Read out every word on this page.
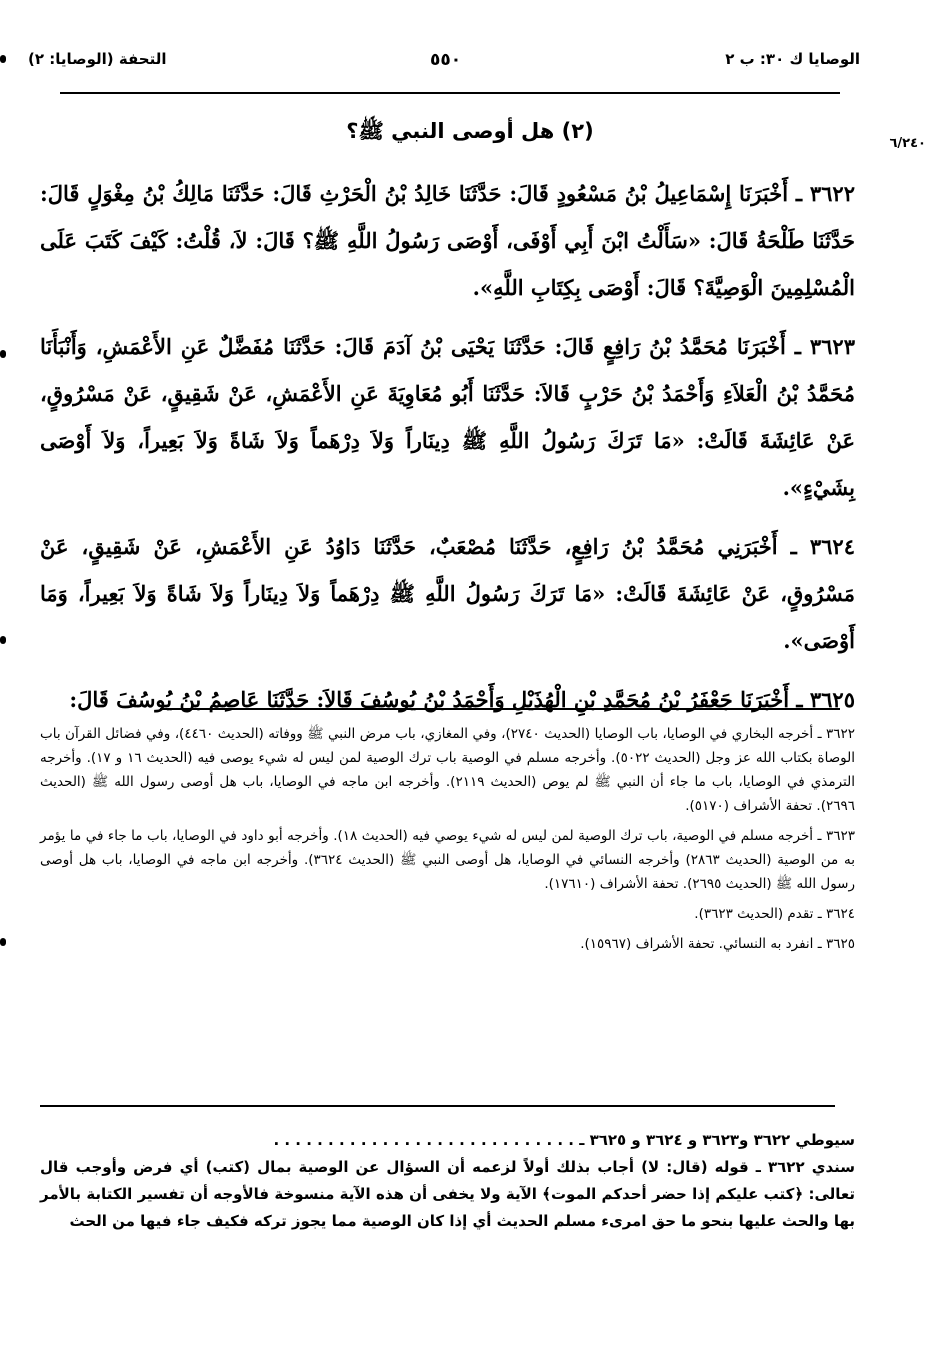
التحفة (الوصايا: ٢)	٥٥٠	الوصايا ك ٣٠: ب ٢
٦/٢٤٠
(٢) هل أوصى النبي ﷺ؟

٣٦٢٢ ـ أَخْبَرَنَا إِسْمَاعِيلُ بْنُ مَسْعُودٍ قَالَ: حَدَّثَنَا خَالِدُ بْنُ الْحَرْثِ قَالَ: حَدَّثَنَا مَالِكُ بْنُ مِغْوَلٍ قَالَ: حَدَّثَنَا طَلْحَةُ قَالَ: «سَأَلْتُ ابْنَ أَبِي أَوْفَى، أَوْصَى رَسُولُ اللَّهِ ﷺ؟ قَالَ: لاَ، قُلْتُ: كَيْفَ كَتَبَ عَلَى الْمُسْلِمِينَ الْوَصِيَّةَ؟ قَالَ: أَوْصَى بِكِتَابِ اللَّهِ».

٣٦٢٣ ـ أَخْبَرَنَا مُحَمَّدُ بْنُ رَافِعٍ قَالَ: حَدَّثَنَا يَحْيَى بْنُ آدَمَ قَالَ: حَدَّثَنَا مُفَضَّلٌ عَنِ الأَعْمَشِ، وَأَنْبَأَنَا مُحَمَّدُ بْنُ الْعَلاَءِ وَأَحْمَدُ بْنُ حَرْبٍ قَالاَ: حَدَّثَنَا أَبُو مُعَاوِيَةَ عَنِ الأَعْمَشِ، عَنْ شَقِيقٍ، عَنْ مَسْرُوقٍ، عَنْ عَائِشَةَ قَالَتْ: «مَا تَرَكَ رَسُولُ اللَّهِ ﷺ دِينَاراً وَلاَ دِرْهَماً وَلاَ شَاةً وَلاَ بَعِيراً، وَلاَ أَوْصَى بِشَيْءٍ».

٣٦٢٤ ـ أَخْبَرَنِي مُحَمَّدُ بْنُ رَافِعٍ، حَدَّثَنَا مُصْعَبٌ، حَدَّثَنَا دَاوُدُ عَنِ الأَعْمَشِ، عَنْ شَقِيقٍ، عَنْ مَسْرُوقٍ، عَنْ عَائِشَةَ قَالَتْ: «مَا تَرَكَ رَسُولُ اللَّهِ ﷺ دِرْهَماً وَلاَ دِينَاراً وَلاَ شَاةً وَلاَ بَعِيراً، وَمَا أَوْصَى».

٣٦٢٥ ـ أَخْبَرَنَا جَعْفَرُ بْنُ مُحَمَّدِ بْنِ الْهُذَيْلِ وَأَحْمَدُ بْنُ يُوسُفَ قَالاَ: حَدَّثَنَا عَاصِمُ بْنُ يُوسُفَ قَالَ:

٣٦٢٢ ـ أخرجه البخاري في الوصايا، باب الوصايا (الحديث ٢٧٤٠)، وفي المغازي، باب مرض النبي ﷺ ووفاته (الحديث ٤٤٦٠)، وفي فضائل القرآن باب الوصاة بكتاب الله عز وجل (الحديث ٥٠٢٢). وأخرجه مسلم في الوصية باب ترك الوصية لمن ليس له شيء يوصى فيه (الحديث ١٦ و ١٧). وأخرجه الترمذي في الوصايا، باب ما جاء أن النبي ﷺ لم يوص (الحديث ٢١١٩). وأخرجه ابن ماجه في الوصايا، باب هل أوصى رسول الله ﷺ (الحديث ٢٦٩٦). تحفة الأشراف (٥١٧٠).

٣٦٢٣ ـ أخرجه مسلم في الوصية، باب ترك الوصية لمن ليس له شيء يوصي فيه (الحديث ١٨). وأخرجه أبو داود في الوصايا، باب ما جاء في ما يؤمر به من الوصية (الحديث ٢٨٦٣) وأخرجه النسائي في الوصايا، هل أوصى النبي ﷺ (الحديث ٣٦٢٤). وأخرجه ابن ماجه في الوصايا، باب هل أوصى رسول الله ﷺ (الحديث ٢٦٩٥). تحفة الأشراف (١٧٦١٠).

٣٦٢٤ ـ تقدم (الحديث ٣٦٢٣).

٣٦٢٥ ـ انفرد به النسائي. تحفة الأشراف (١٥٩٦٧).

سيوطي ٣٦٢٢ و٣٦٢٣ و ٣٦٢٤ و ٣٦٢٥ ـ . . . . . . . . . . . . . . . . . . . . . . . . . . . .

سندي ٣٦٢٢ ـ قوله (قال: لا) أجاب بذلك أولاً لزعمه أن السؤال عن الوصية بمال (كتب) أي فرض وأوجب قال تعالى: ﴿كتب عليكم إذا حضر أحدكم الموت﴾ الآية ولا يخفى أن هذه الآية منسوخة فالأوجه أن تفسير الكتابة بالأمر بها والحث عليها بنحو ما حق امرىء مسلم الحديث أي إذا كان الوصية مما يجوز تركه فكيف جاء فيها من الحث
